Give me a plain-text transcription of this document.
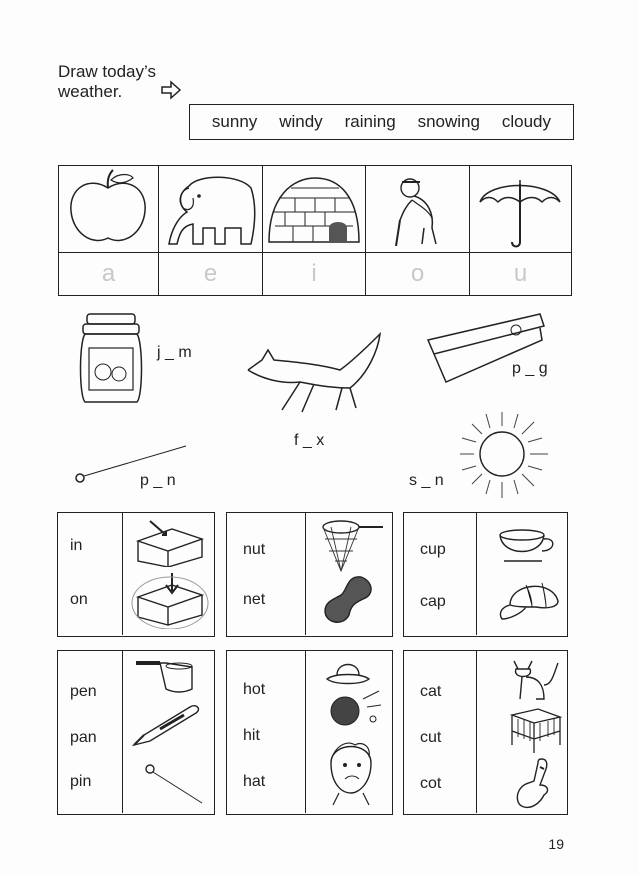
Draw today’s
weather.
sunny windy raining snowing cloudy
a	e	i	o	u
j _ m
f _ x
p _ g
p _ n	s _ n
in
on
nut
net
cup
cap
pen
pan
pin
hot
hit
hat
cat
cut
cot
19
